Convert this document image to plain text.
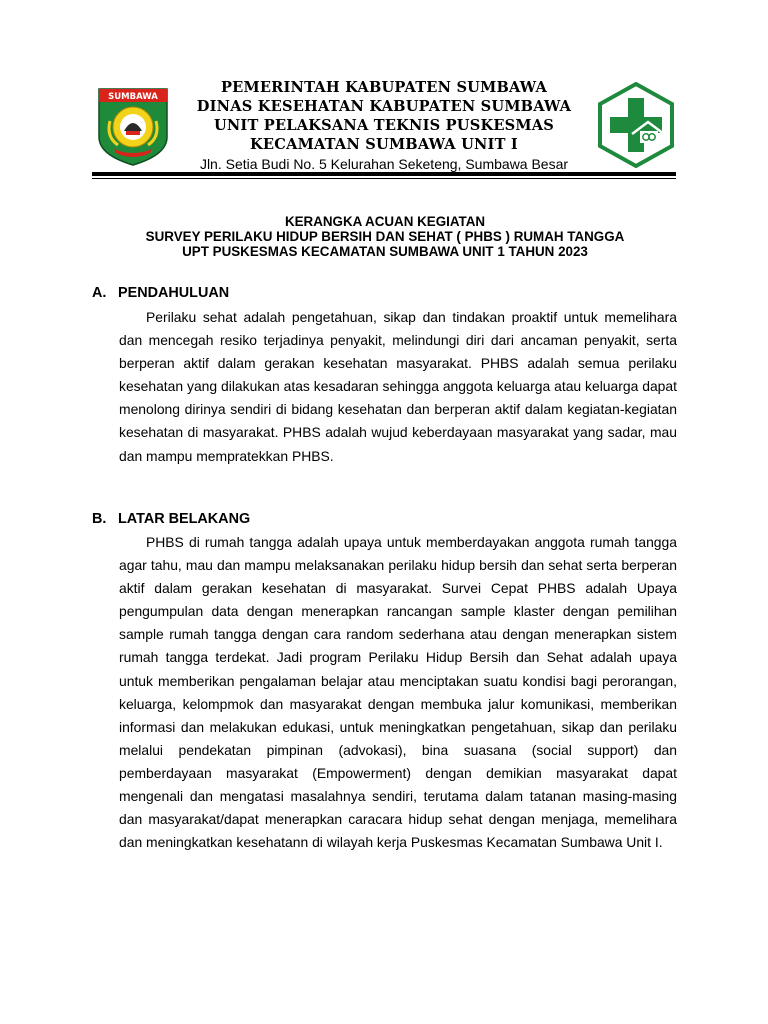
SUMBAWA
PEMERINTAH KABUPATEN SUMBAWA
DINAS KESEHATAN KABUPATEN SUMBAWA
UNIT PELAKSANA TEKNIS PUSKESMAS
KECAMATAN SUMBAWA UNIT I
Jln. Setia Budi No. 5 Kelurahan Seketeng, Sumbawa Besar
KERANGKA ACUAN KEGIATAN
SURVEY PERILAKU HIDUP BERSIH DAN SEHAT ( PHBS ) RUMAH TANGGA
UPT PUSKESMAS KECAMATAN SUMBAWA UNIT 1 TAHUN 2023
A. PENDAHULUAN
Perilaku sehat adalah pengetahuan, sikap dan tindakan proaktif untuk memelihara dan mencegah resiko terjadinya penyakit, melindungi diri dari ancaman penyakit, serta berperan aktif dalam gerakan kesehatan masyarakat. PHBS adalah semua perilaku kesehatan yang dilakukan atas kesadaran sehingga anggota keluarga atau keluarga dapat menolong dirinya sendiri di bidang kesehatan dan berperan aktif dalam kegiatan-kegiatan kesehatan di masyarakat. PHBS adalah wujud keberdayaan masyarakat yang sadar, mau dan mampu mempratekkan PHBS.
B. LATAR BELAKANG
PHBS di rumah tangga adalah upaya untuk memberdayakan anggota rumah tangga agar tahu, mau dan mampu melaksanakan perilaku hidup bersih dan sehat serta berperan aktif dalam gerakan kesehatan di masyarakat. Survei Cepat PHBS adalah Upaya pengumpulan data dengan menerapkan rancangan sample klaster dengan pemilihan sample rumah tangga dengan cara random sederhana atau dengan menerapkan sistem rumah tangga terdekat. Jadi program Perilaku Hidup Bersih dan Sehat adalah upaya untuk memberikan pengalaman belajar atau menciptakan suatu kondisi bagi perorangan, keluarga, kelompmok dan masyarakat dengan membuka jalur komunikasi, memberikan informasi dan melakukan edukasi, untuk meningkatkan pengetahuan, sikap dan perilaku melalui pendekatan pimpinan (advokasi), bina suasana (social support) dan pemberdayaan masyarakat (Empowerment) dengan demikian masyarakat dapat mengenali dan mengatasi masalahnya sendiri, terutama dalam tatanan masing-masing dan masyarakat/dapat menerapkan caracara hidup sehat dengan menjaga, memelihara dan meningkatkan kesehatann di wilayah kerja Puskesmas Kecamatan Sumbawa Unit I.
